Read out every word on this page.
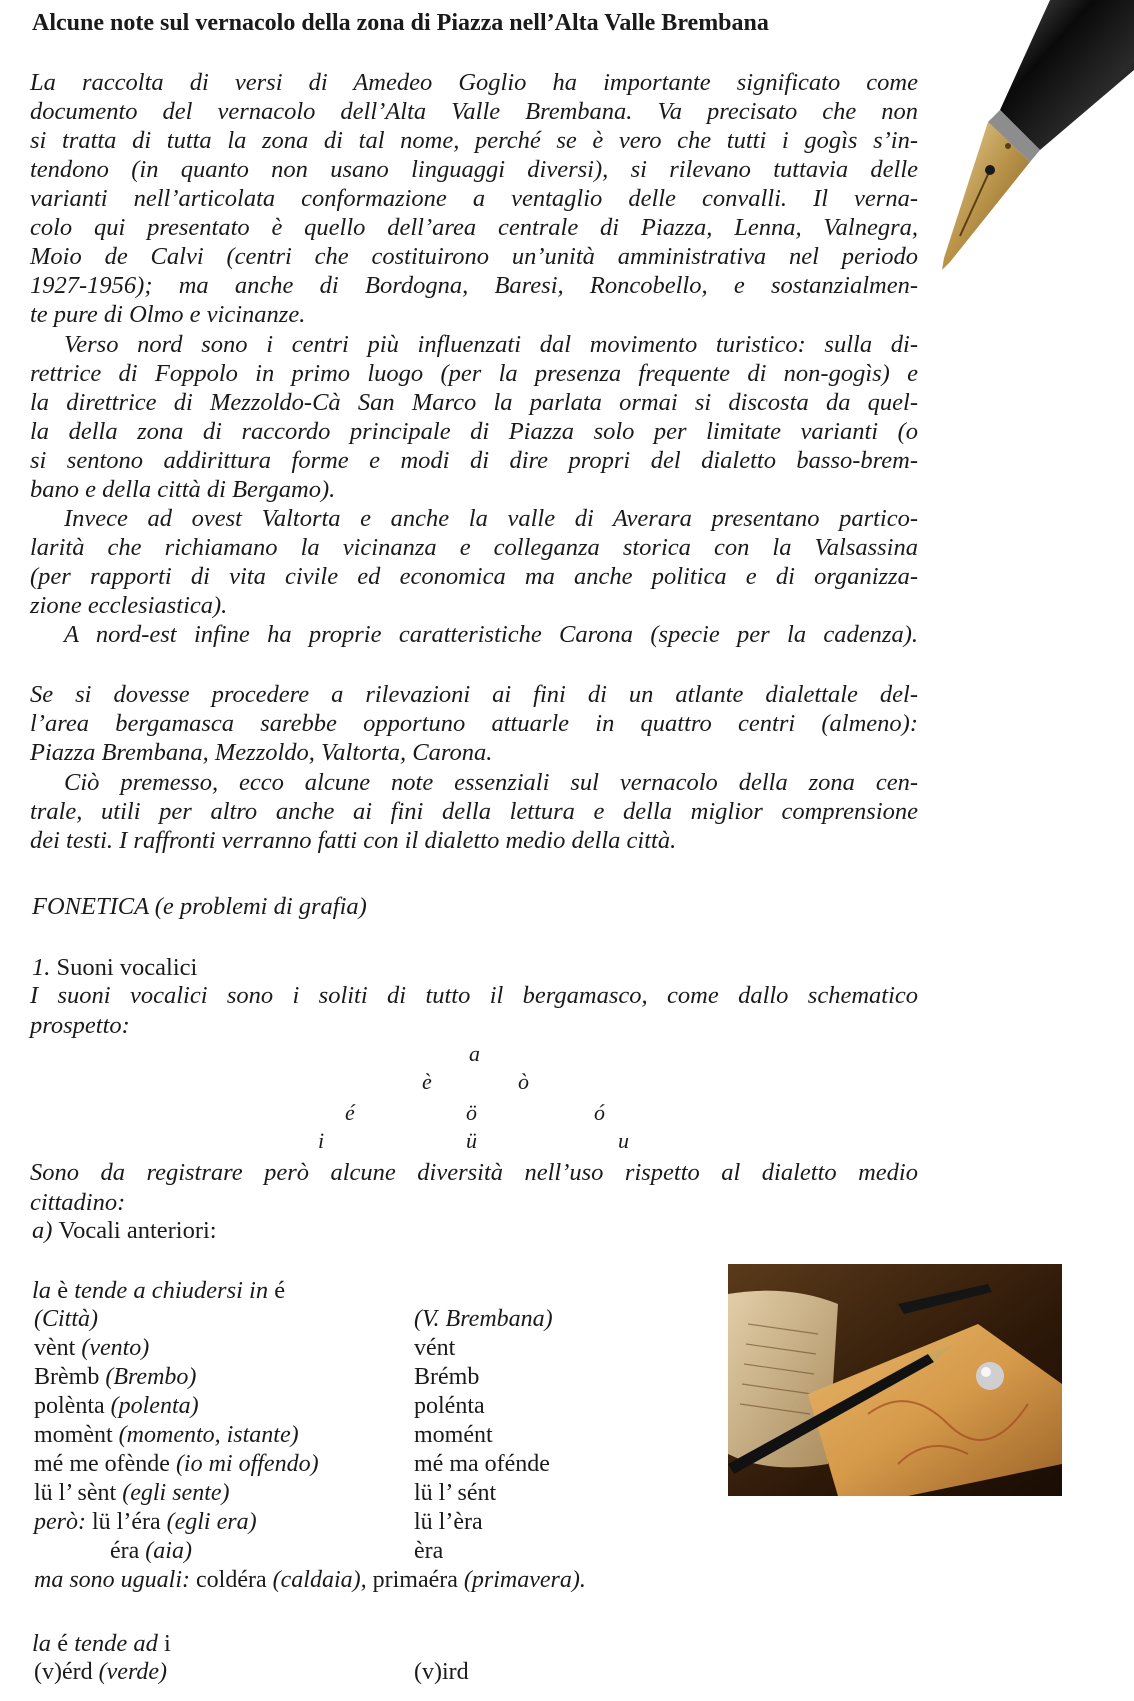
Alcune note sul vernacolo della zona di Piazza nell’Alta Valle Brembana
La raccolta di versi di Amedeo Goglio ha importante significato come
documento del vernacolo dell’Alta Valle Brembana. Va precisato che non
si tratta di tutta la zona di tal nome, perché se è vero che tutti i gogìs s’in-
tendono (in quanto non usano linguaggi diversi), si rilevano tuttavia delle
varianti nell’articolata conformazione a ventaglio delle convalli. Il verna-
colo qui presentato è quello dell’area centrale di Piazza, Lenna, Valnegra,
Moio de Calvi (centri che costituirono un’unità amministrativa nel periodo
1927-1956); ma anche di Bordogna, Baresi, Roncobello, e sostanzialmen-
te pure di Olmo e vicinanze.
Verso nord sono i centri più influenzati dal movimento turistico: sulla di-
rettrice di Foppolo in primo luogo (per la presenza frequente di non-gogìs) e
la direttrice di Mezzoldo-Cà San Marco la parlata ormai si discosta da quel-
la della zona di raccordo principale di Piazza solo per limitate varianti (o
si sentono addirittura forme e modi di dire propri del dialetto basso-brem-
bano e della città di Bergamo).
Invece ad ovest Valtorta e anche la valle di Averara presentano partico-
larità che richiamano la vicinanza e colleganza storica con la Valsassina
(per rapporti di vita civile ed economica ma anche politica e di organizza-
zione ecclesiastica).
A nord-est infine ha proprie caratteristiche Carona (specie per la cadenza).
Se si dovesse procedere a rilevazioni ai fini di un atlante dialettale del-
l’area bergamasca sarebbe opportuno attuarle in quattro centri (almeno):
Piazza Brembana, Mezzoldo, Valtorta, Carona.
Ciò premesso, ecco alcune note essenziali sul vernacolo della zona cen-
trale, utili per altro anche ai fini della lettura e della miglior comprensione
dei testi. I raffronti verranno fatti con il dialetto medio della città.
FONETICA (e problemi di grafia)
1. Suoni vocalici
I suoni vocalici sono i soliti di tutto il bergamasco, come dallo schematico
prospetto:
a
è	ò
é	ö	ó
i	ü	u
Sono da registrare però alcune diversità nell’uso rispetto al dialetto medio
cittadino:
a) Vocali anteriori:
la è tende a chiudersi in é
(Città)	(V. Brembana)
vènt (vento)	vént
Brèmb (Brembo)	Brémb
polènta (polenta)	polénta
momènt (momento, istante)	momént
mé me ofènde (io mi offendo)	mé ma ofénde
lü l’ sènt (egli sente)	lü l’ sént
però: lü l’éra (egli era)	lü l’èra
éra (aia)	èra
ma sono uguali: coldéra (caldaia), primaéra (primavera).
la é tende ad i
(v)érd (verde)	(v)ird
